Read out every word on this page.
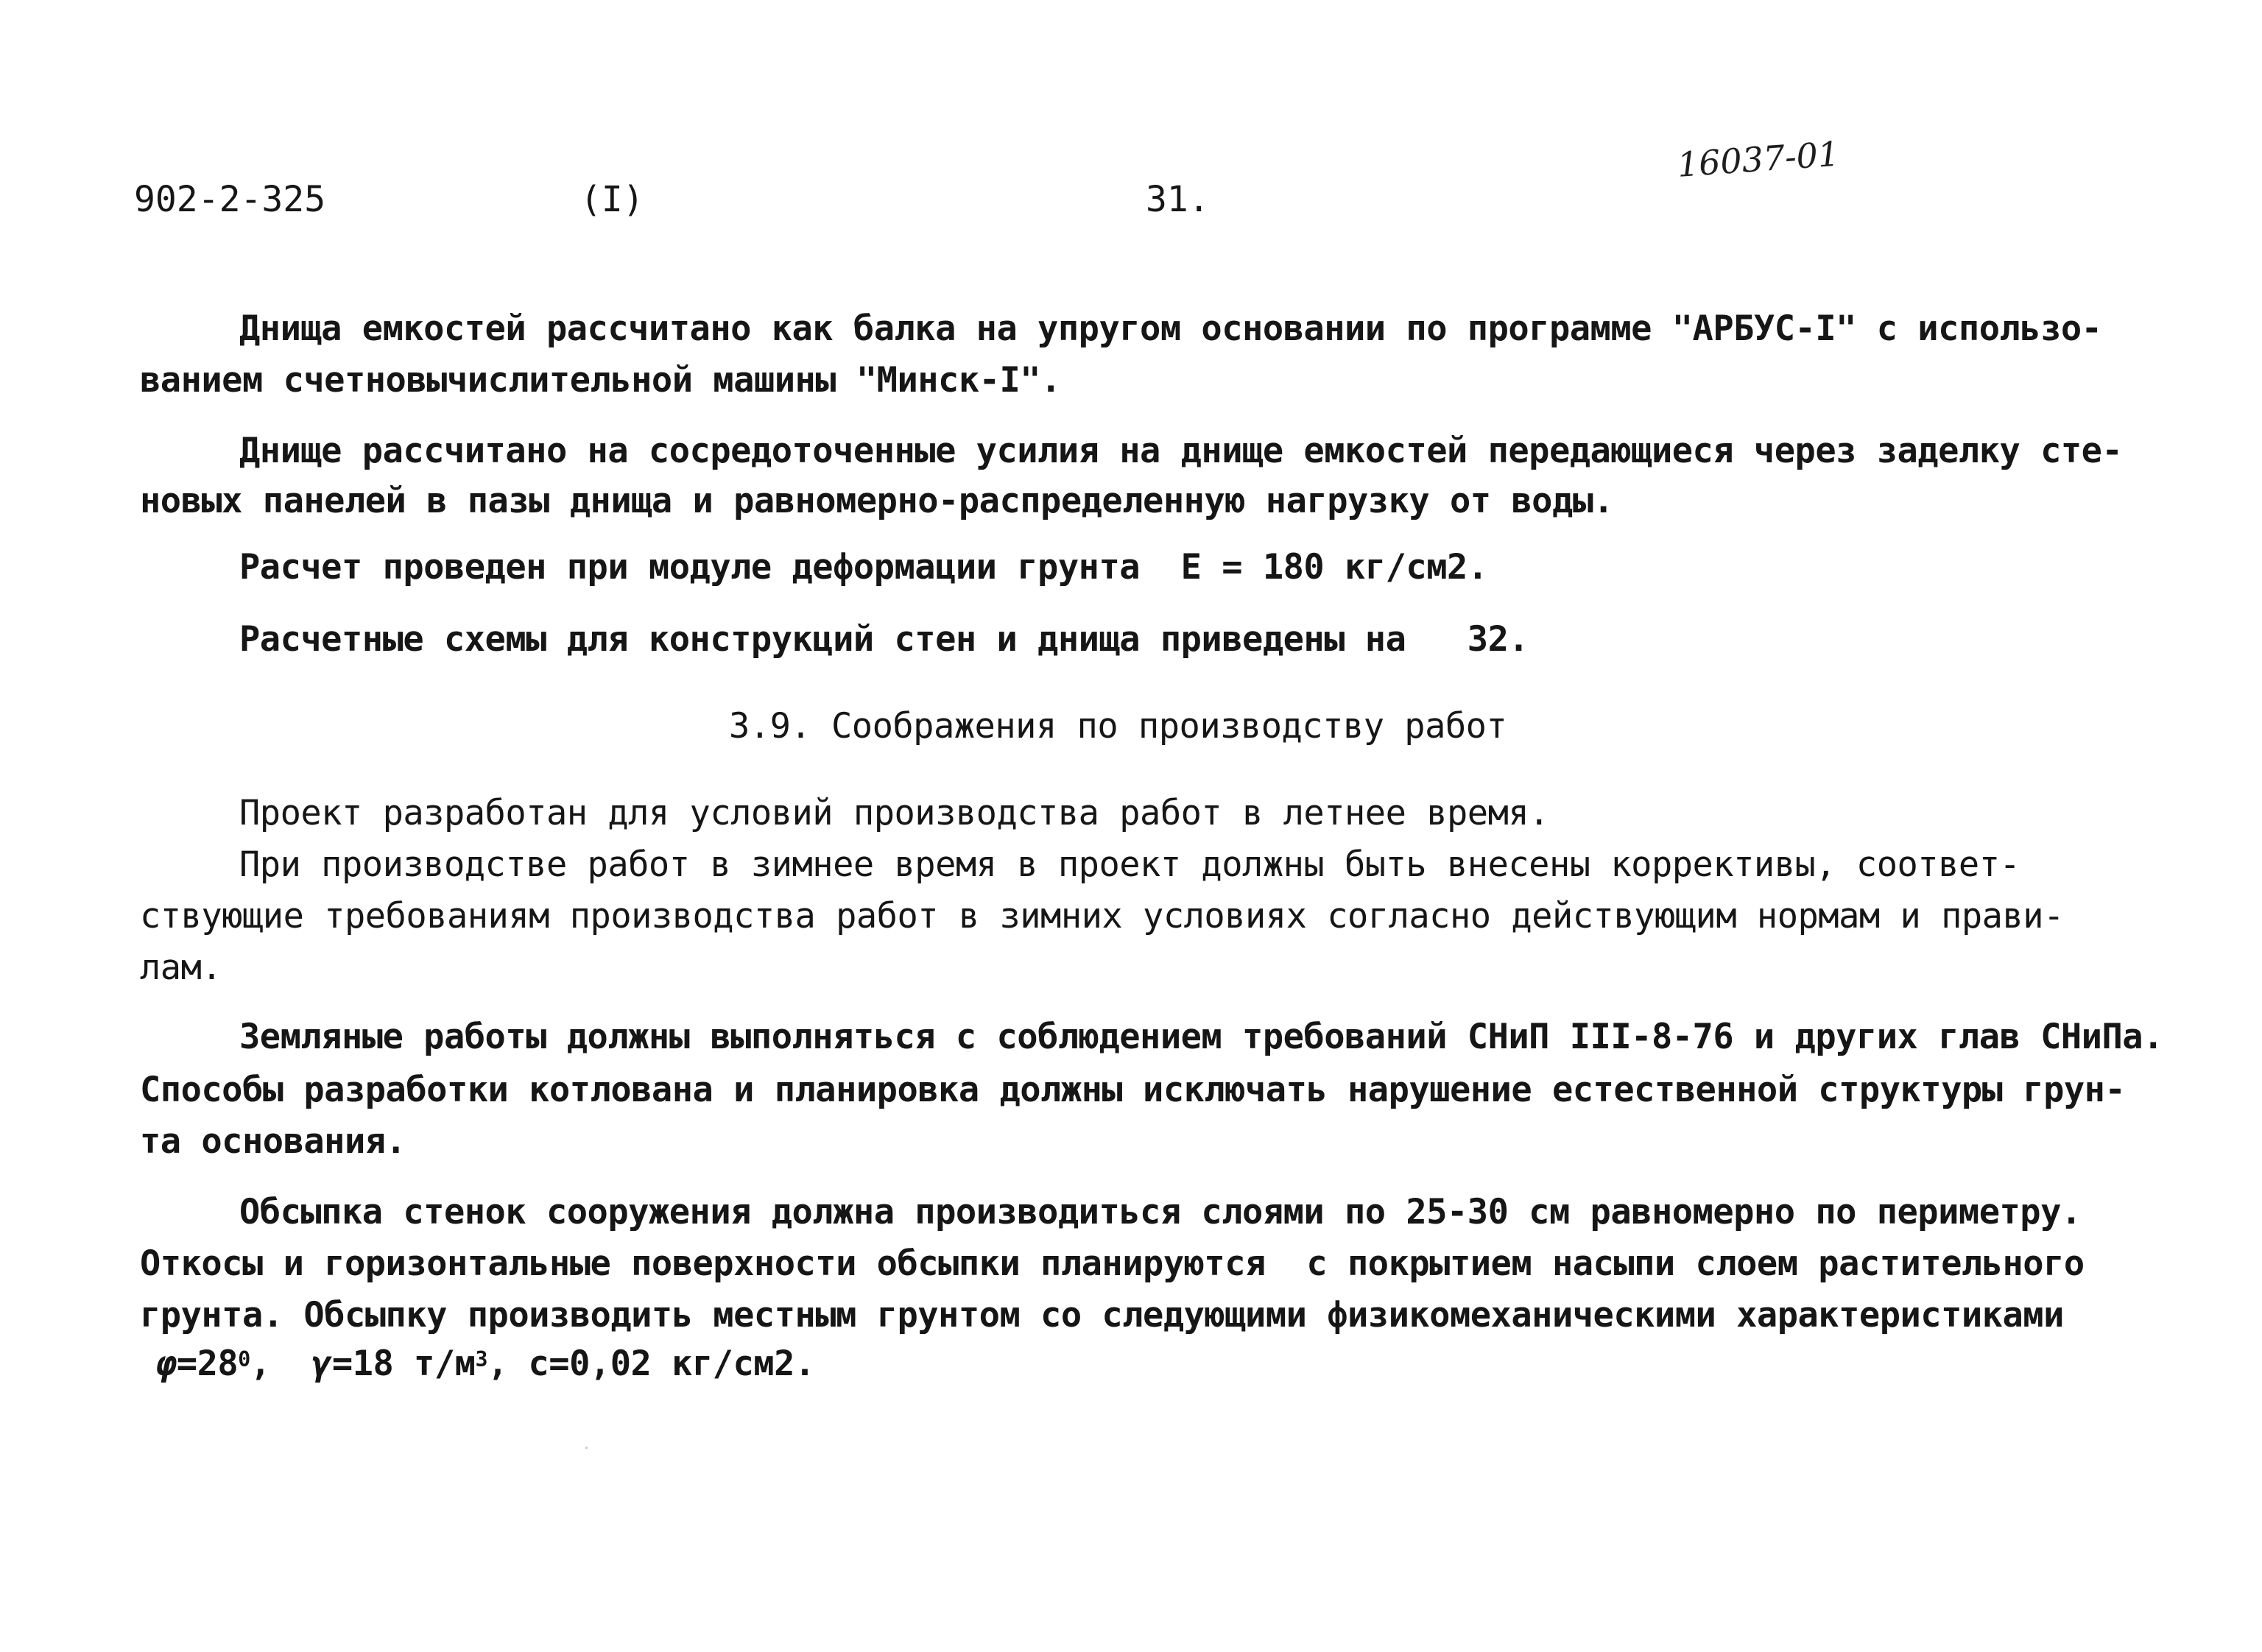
902-2-325	(I)	31.
16037-01
Днища емкостей рассчитано как балка на упругом основании по программе "АРБУС-I" с использо-
ванием счетновычислительной машины "Минск-I".
Днище рассчитано на сосредоточенные усилия на днище емкостей передающиеся через заделку сте-
новых панелей в пазы днища и равномерно-распределенную нагрузку от воды.
Расчет проведен при модуле деформации грунта  E = 180 кг/см2.
Расчетные схемы для конструкций стен и днища приведены на   32.
3.9. Соображения по производству работ
Проект разработан для условий производства работ в летнее время.
При производстве работ в зимнее время в проект должны быть внесены коррективы, соответ-
ствующие требованиям производства работ в зимних условиях согласно действующим нормам и прави-
лам.
Земляные работы должны выполняться с соблюдением требований СНиП III-8-76 и других глав СНиПа.
Способы разработки котлована и планировка должны исключать нарушение естественной структуры грун-
та основания.
Обсыпка стенок сооружения должна производиться слоями по 25-30 см равномерно по периметру.
Откосы и горизонтальные поверхности обсыпки планируются  с покрытием насыпи слоем растительного
грунта. Обсыпку производить местным грунтом со следующими физикомеханическими характеристиками
$\varphi=28^0$,  γ=18 $т/м^3$, c=0,02 кг/см2.
